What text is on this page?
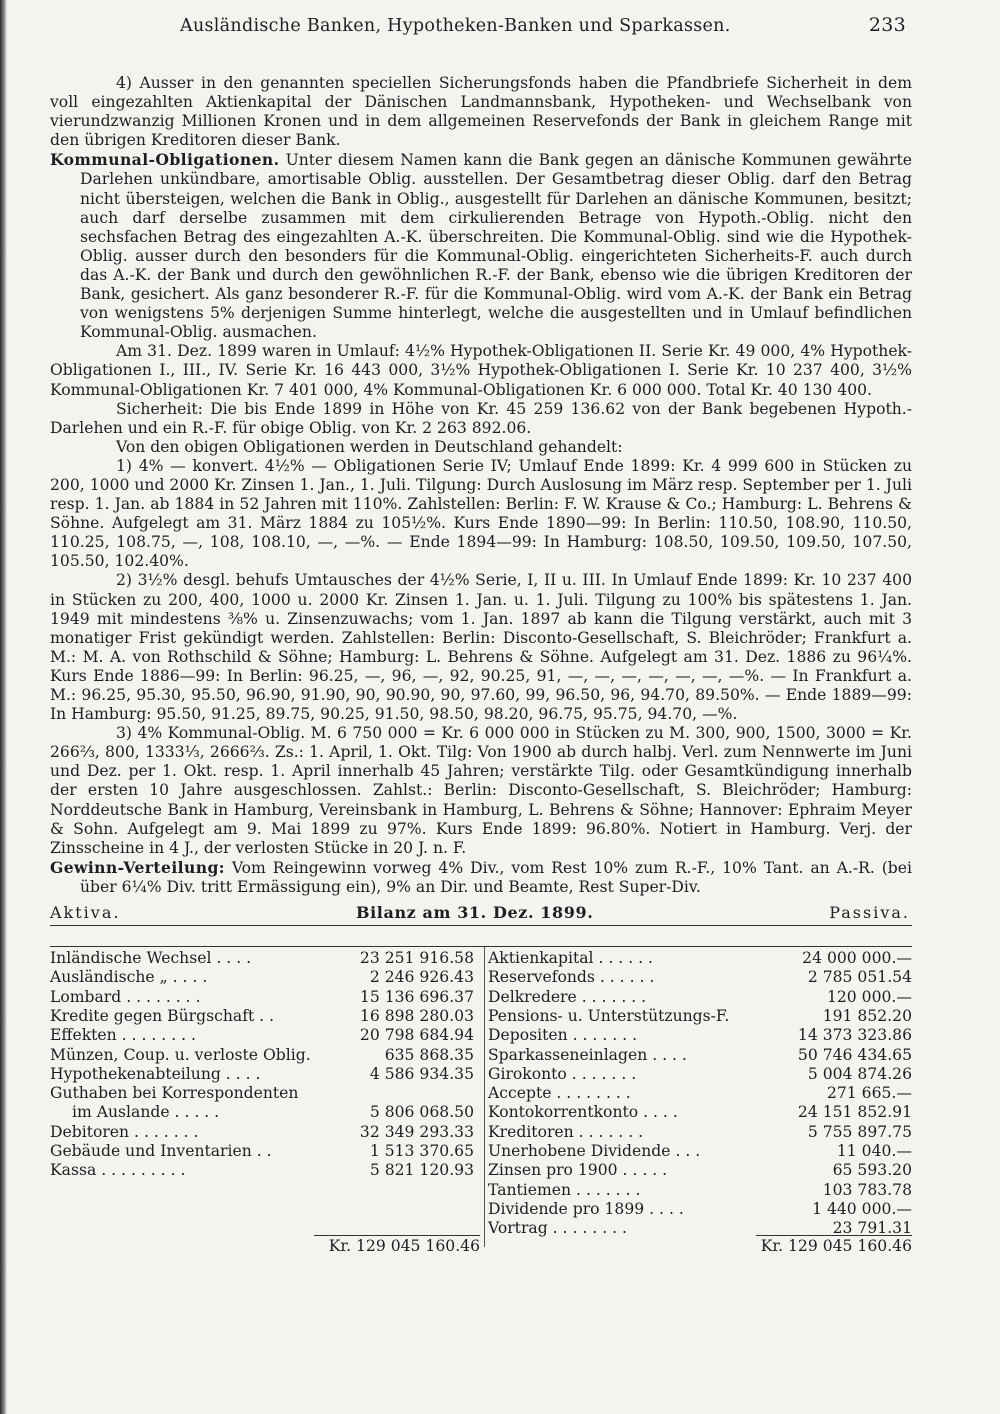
Ausländische Banken, Hypotheken-Banken und Sparkassen.	233

4) Ausser in den genannten speciellen Sicherungsfonds haben die Pfandbriefe Sicherheit in dem voll eingezahlten Aktienkapital der Dänischen Landmannsbank, Hypotheken- und Wechselbank von vierundzwanzig Millionen Kronen und in dem allgemeinen Reservefonds der Bank in gleichem Range mit den übrigen Kreditoren dieser Bank.

Kommunal-Obligationen. Unter diesem Namen kann die Bank gegen an dänische Kommunen gewährte Darlehen unkündbare, amortisable Oblig. ausstellen. Der Gesamtbetrag dieser Oblig. darf den Betrag nicht übersteigen, welchen die Bank in Oblig., ausgestellt für Darlehen an dänische Kommunen, besitzt; auch darf derselbe zusammen mit dem cirkulierenden Betrage von Hypoth.-Oblig. nicht den sechsfachen Betrag des eingezahlten A.-K. überschreiten. Die Kommunal-Oblig. sind wie die Hypothek-Oblig. ausser durch den besonders für die Kommunal-Oblig. eingerichteten Sicherheits-F. auch durch das A.-K. der Bank und durch den gewöhnlichen R.-F. der Bank, ebenso wie die übrigen Kreditoren der Bank, gesichert. Als ganz besonderer R.-F. für die Kommunal-Oblig. wird vom A.-K. der Bank ein Betrag von wenigstens 5% derjenigen Summe hinterlegt, welche die ausgestellten und in Umlauf befindlichen Kommunal-Oblig. ausmachen.

Am 31. Dez. 1899 waren in Umlauf: 4½% Hypothek-Obligationen II. Serie Kr. 49 000, 4% Hypothek-Obligationen I., III., IV. Serie Kr. 16 443 000, 3½% Hypothek-Obligationen I. Serie Kr. 10 237 400, 3½% Kommunal-Obligationen Kr. 7 401 000, 4% Kommunal-Obligationen Kr. 6 000 000. Total Kr. 40 130 400.

Sicherheit: Die bis Ende 1899 in Höhe von Kr. 45 259 136.62 von der Bank begebenen Hypoth.-Darlehen und ein R.-F. für obige Oblig. von Kr. 2 263 892.06.

Von den obigen Obligationen werden in Deutschland gehandelt:

1) 4% — konvert. 4½% — Obligationen Serie IV; Umlauf Ende 1899: Kr. 4 999 600 in Stücken zu 200, 1000 und 2000 Kr. Zinsen 1. Jan., 1. Juli. Tilgung: Durch Auslosung im März resp. September per 1. Juli resp. 1. Jan. ab 1884 in 52 Jahren mit 110%. Zahlstellen: Berlin: F. W. Krause & Co.; Hamburg: L. Behrens & Söhne. Aufgelegt am 31. März 1884 zu 105½%. Kurs Ende 1890—99: In Berlin: 110.50, 108.90, 110.50, 110.25, 108.75, —, 108, 108.10, —, —%. — Ende 1894—99: In Hamburg: 108.50, 109.50, 109.50, 107.50, 105.50, 102.40%.

2) 3½% desgl. behufs Umtausches der 4½% Serie, I, II u. III. In Umlauf Ende 1899: Kr. 10 237 400 in Stücken zu 200, 400, 1000 u. 2000 Kr. Zinsen 1. Jan. u. 1. Juli. Tilgung zu 100% bis spätestens 1. Jan. 1949 mit mindestens ⅜% u. Zinsenzuwachs; vom 1. Jan. 1897 ab kann die Tilgung verstärkt, auch mit 3 monatiger Frist gekündigt werden. Zahlstellen: Berlin: Disconto-Gesellschaft, S. Bleichröder; Frankfurt a. M.: M. A. von Rothschild & Söhne; Hamburg: L. Behrens & Söhne. Aufgelegt am 31. Dez. 1886 zu 96¼%. Kurs Ende 1886—99: In Berlin: 96.25, —, 96, —, 92, 90.25, 91, —, —, —, —, —, —, —%. — In Frankfurt a. M.: 96.25, 95.30, 95.50, 96.90, 91.90, 90, 90.90, 90, 97.60, 99, 96.50, 96, 94.70, 89.50%. — Ende 1889—99: In Hamburg: 95.50, 91.25, 89.75, 90.25, 91.50, 98.50, 98.20, 96.75, 95.75, 94.70, —%.

3) 4% Kommunal-Oblig. M. 6 750 000 = Kr. 6 000 000 in Stücken zu M. 300, 900, 1500, 3000 = Kr. 266⅔, 800, 1333⅓, 2666⅔. Zs.: 1. April, 1. Okt. Tilg: Von 1900 ab durch halbj. Verl. zum Nennwerte im Juni und Dez. per 1. Okt. resp. 1. April innerhalb 45 Jahren; verstärkte Tilg. oder Gesamtkündigung innerhalb der ersten 10 Jahre ausgeschlossen. Zahlst.: Berlin: Disconto-Gesellschaft, S. Bleichröder; Hamburg: Norddeutsche Bank in Hamburg, Vereinsbank in Hamburg, L. Behrens & Söhne; Hannover: Ephraim Meyer & Sohn. Aufgelegt am 9. Mai 1899 zu 97%. Kurs Ende 1899: 96.80%. Notiert in Hamburg. Verj. der Zinsscheine in 4 J., der verlosten Stücke in 20 J. n. F.

Gewinn-Verteilung: Vom Reingewinn vorweg 4% Div., vom Rest 10% zum R.-F., 10% Tant. an A.-R. (bei über 6¼% Div. tritt Ermässigung ein), 9% an Dir. und Beamte, Rest Super-Div.

Aktiva.	Bilanz am 31. Dez. 1899.	Passiva.
Inländische Wechsel . . . .	23 251 916.58
Ausländische „ . . . .	2 246 926.43
Lombard . . . . . . . .	15 136 696.37
Kredite gegen Bürgschaft . .	16 898 280.03
Effekten . . . . . . . .	20 798 684.94
Münzen, Coup. u. verloste Oblig.	635 868.35
Hypothekenabteilung . . . .	4 586 934.35
Guthaben bei Korrespondenten
im Auslande . . . . .	5 806 068.50
Debitoren . . . . . . .	32 349 293.33
Gebäude und Inventarien . .	1 513 370.65
Kassa . . . . . . . . .	5 821 120.93
Aktienkapital . . . . . .	24 000 000.—
Reservefonds . . . . . .	2 785 051.54
Delkredere . . . . . . .	120 000.—
Pensions- u. Unterstützungs-F.	191 852.20
Depositen . . . . . . .	14 373 323.86
Sparkasseneinlagen . . . .	50 746 434.65
Girokonto . . . . . . .	5 004 874.26
Accepte . . . . . . . .	271 665.—
Kontokorrentkonto . . . .	24 151 852.91
Kreditoren . . . . . . .	5 755 897.75
Unerhobene Dividende . . .	11 040.—
Zinsen pro 1900 . . . . .	65 593.20
Tantiemen . . . . . . .	103 783.78
Dividende pro 1899 . . . .	1 440 000.—
Vortrag . . . . . . . .	23 791.31
Kr. 129 045 160.46	Kr. 129 045 160.46
